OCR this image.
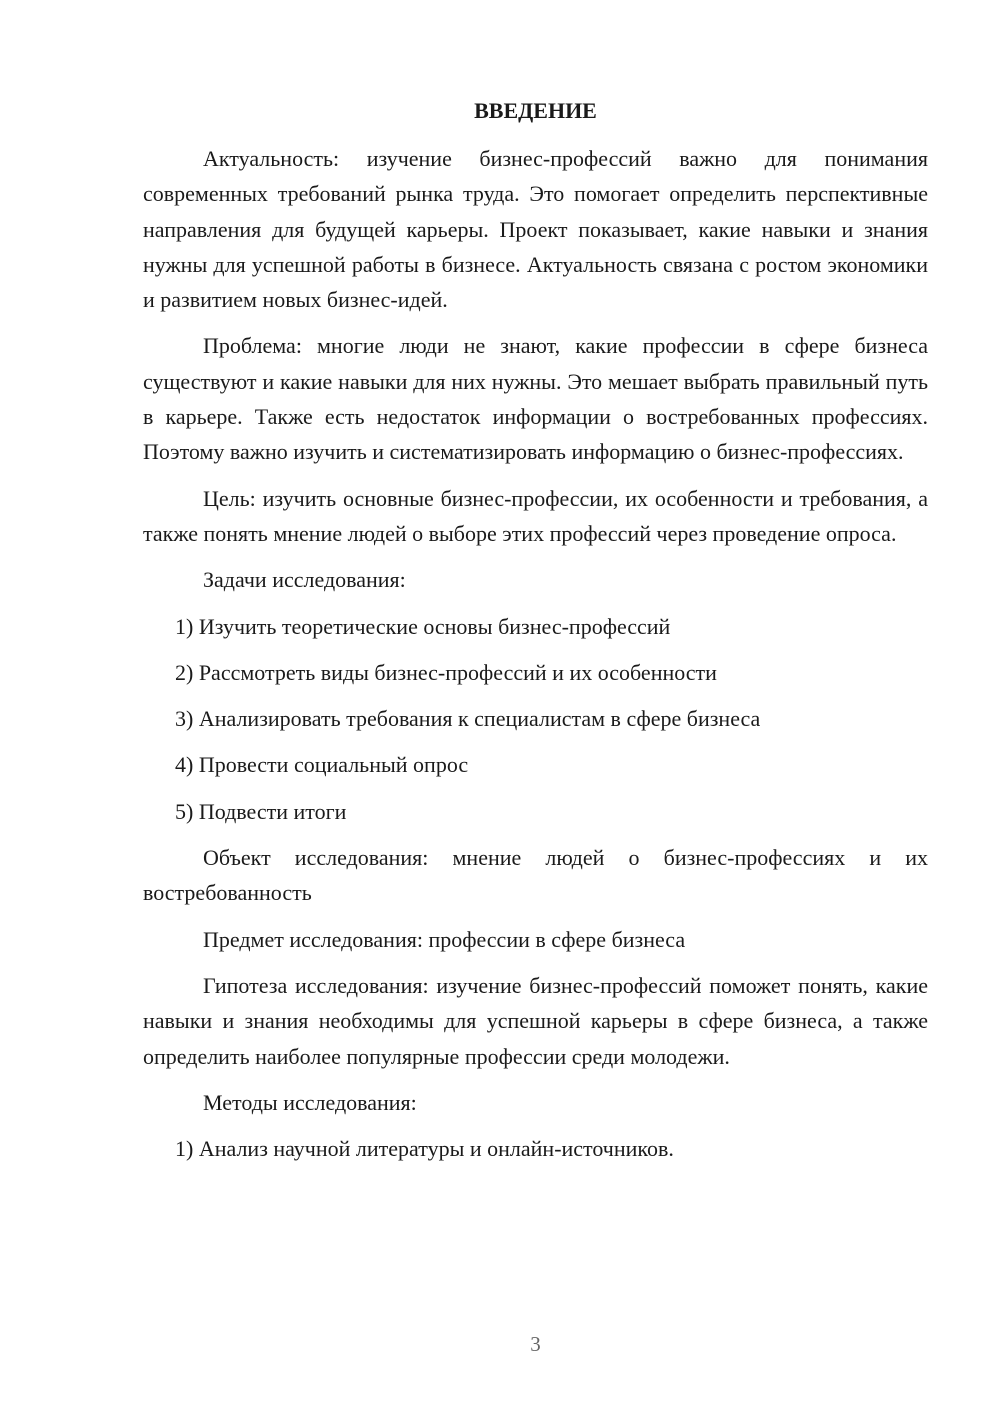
ВВЕДЕНИЕ

Актуальность: изучение бизнес-профессий важно для понимания современных требований рынка труда. Это помогает определить перспективные направления для будущей карьеры. Проект показывает, какие навыки и знания нужны для успешной работы в бизнесе. Актуальность связана с ростом экономики и развитием новых бизнес-идей.

Проблема: многие люди не знают, какие профессии в сфере бизнеса существуют и какие навыки для них нужны. Это мешает выбрать правильный путь в карьере. Также есть недостаток информации о востребованных профессиях. Поэтому важно изучить и систематизировать информацию о бизнес-профессиях.

Цель: изучить основные бизнес-профессии, их особенности и требования, а также понять мнение людей о выборе этих профессий через проведение опроса.

Задачи исследования:

1) Изучить теоретические основы бизнес-профессий

2) Рассмотреть виды бизнес-профессий и их особенности

3) Анализировать требования к специалистам в сфере бизнеса

4) Провести социальный опрос

5) Подвести итоги

Объект исследования: мнение людей о бизнес-профессиях и их востребованность

Предмет исследования: профессии в сфере бизнеса

Гипотеза исследования: изучение бизнес-профессий поможет понять, какие навыки и знания необходимы для успешной карьеры в сфере бизнеса, а также определить наиболее популярные профессии среди молодежи.

Методы исследования:

1) Анализ научной литературы и онлайн-источников.

3
